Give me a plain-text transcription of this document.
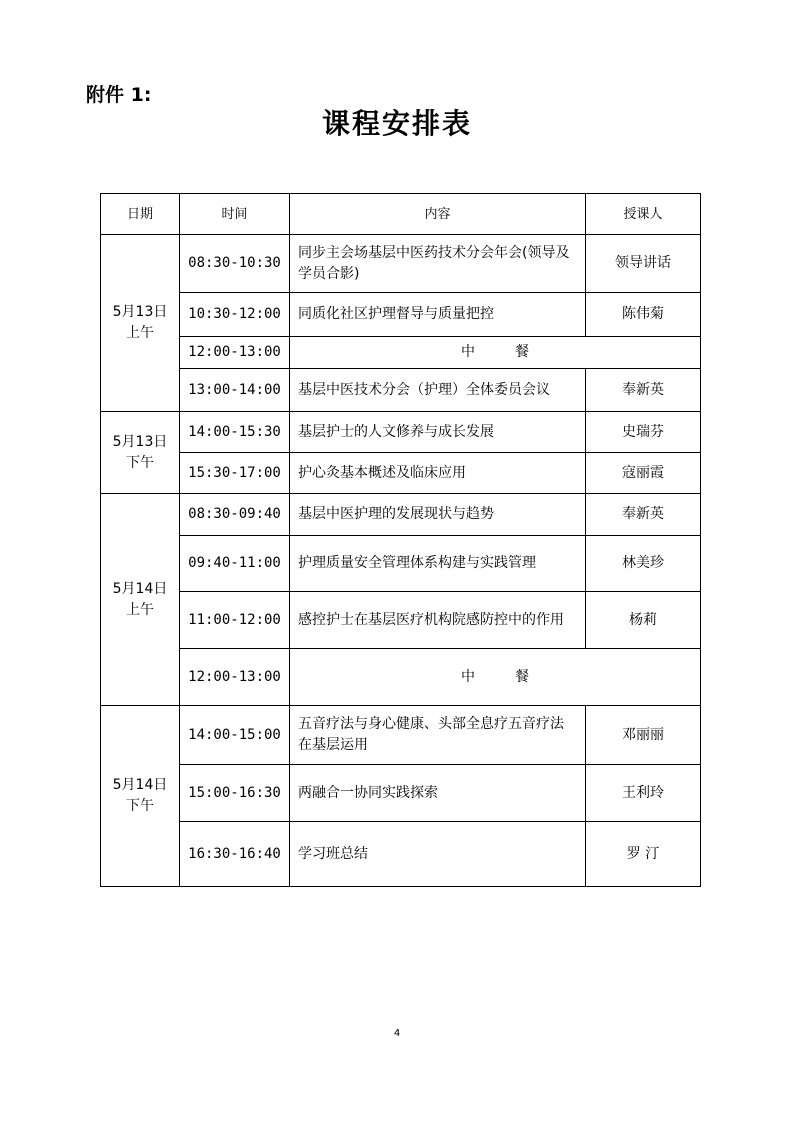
附件 1:
课程安排表
日期	时间	内容	授课人

5月13日
上午	08:30-10:30	同步主会场基层中医药技术分会年会(领导及学员合影)	领导讲话
	10:30-12:00	同质化社区护理督导与质量把控	陈伟菊
	12:00-13:00	中 餐	
	13:00-14:00	基层中医技术分会（护理）全体委员会议	奉新英

5月13日
下午	14:00-15:30	基层护士的人文修养与成长发展	史瑞芬
	15:30-17:00	护心灸基本概述及临床应用	寇丽霞

5月14日
上午	08:30-09:40	基层中医护理的发展现状与趋势	奉新英
	09:40-11:00	护理质量安全管理体系构建与实践管理	林美珍
	11:00-12:00	感控护士在基层医疗机构院感防控中的作用	杨莉
	12:00-13:00	中 餐	

5月14日
下午	14:00-15:00	五音疗法与身心健康、头部全息疗五音疗法在基层运用	邓丽丽
	15:00-16:30	两融合一协同实践探索	王利玲
	16:30-16:40	学习班总结	罗 汀
4
